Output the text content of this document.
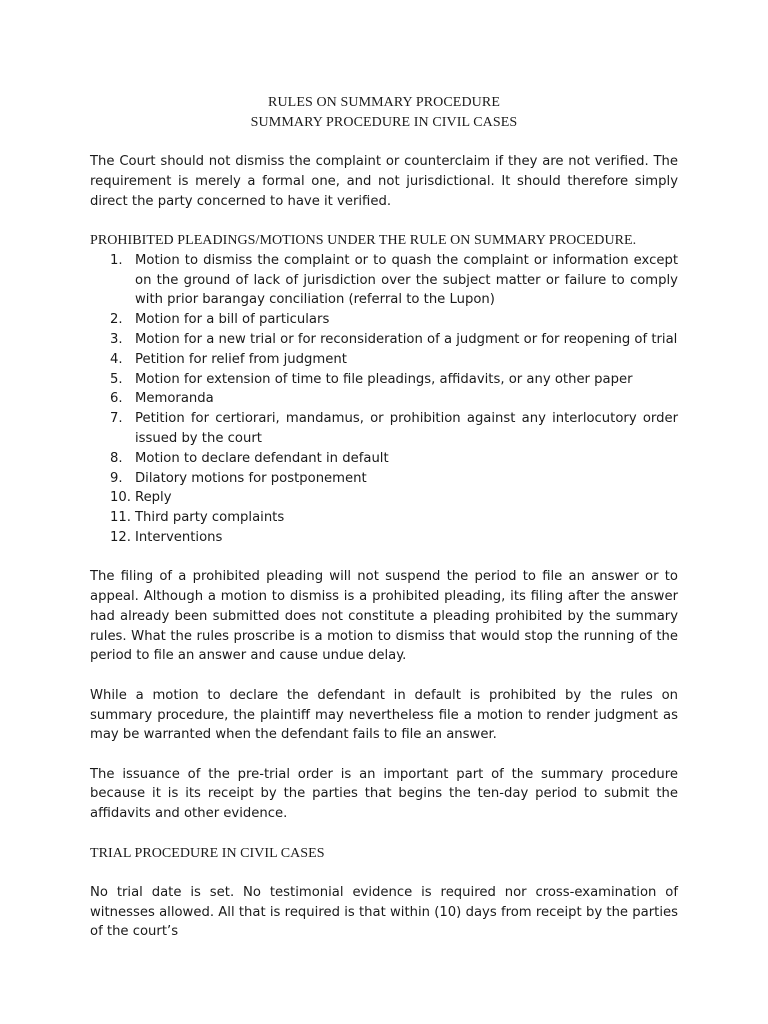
RULES ON SUMMARY PROCEDURE
SUMMARY PROCEDURE IN CIVIL CASES

The Court should not dismiss the complaint or counterclaim if they are not verified. The requirement is merely a formal one, and not jurisdictional. It should therefore simply direct the party concerned to have it verified.

PROHIBITED PLEADINGS/MOTIONS UNDER THE RULE ON SUMMARY PROCEDURE.
1. Motion to dismiss the complaint or to quash the complaint or information except on the ground of lack of jurisdiction over the subject matter or failure to comply with prior barangay conciliation (referral to the Lupon)
2. Motion for a bill of particulars
3. Motion for a new trial or for reconsideration of a judgment or for reopening of trial
4. Petition for relief from judgment
5. Motion for extension of time to file pleadings, affidavits, or any other paper
6. Memoranda
7. Petition for certiorari, mandamus, or prohibition against any interlocutory order issued by the court
8. Motion to declare defendant in default
9. Dilatory motions for postponement
10. Reply
11. Third party complaints
12. Interventions

The filing of a prohibited pleading will not suspend the period to file an answer or to appeal. Although a motion to dismiss is a prohibited pleading, its filing after the answer had already been submitted does not constitute a pleading prohibited by the summary rules. What the rules proscribe is a motion to dismiss that would stop the running of the period to file an answer and cause undue delay.

While a motion to declare the defendant in default is prohibited by the rules on summary procedure, the plaintiff may nevertheless file a motion to render judgment as may be warranted when the defendant fails to file an answer.

The issuance of the pre-trial order is an important part of the summary procedure because it is its receipt by the parties that begins the ten-day period to submit the affidavits and other evidence.

TRIAL PROCEDURE IN CIVIL CASES

No trial date is set. No testimonial evidence is required nor cross-examination of witnesses allowed. All that is required is that within (10) days from receipt by the parties of the court’s
